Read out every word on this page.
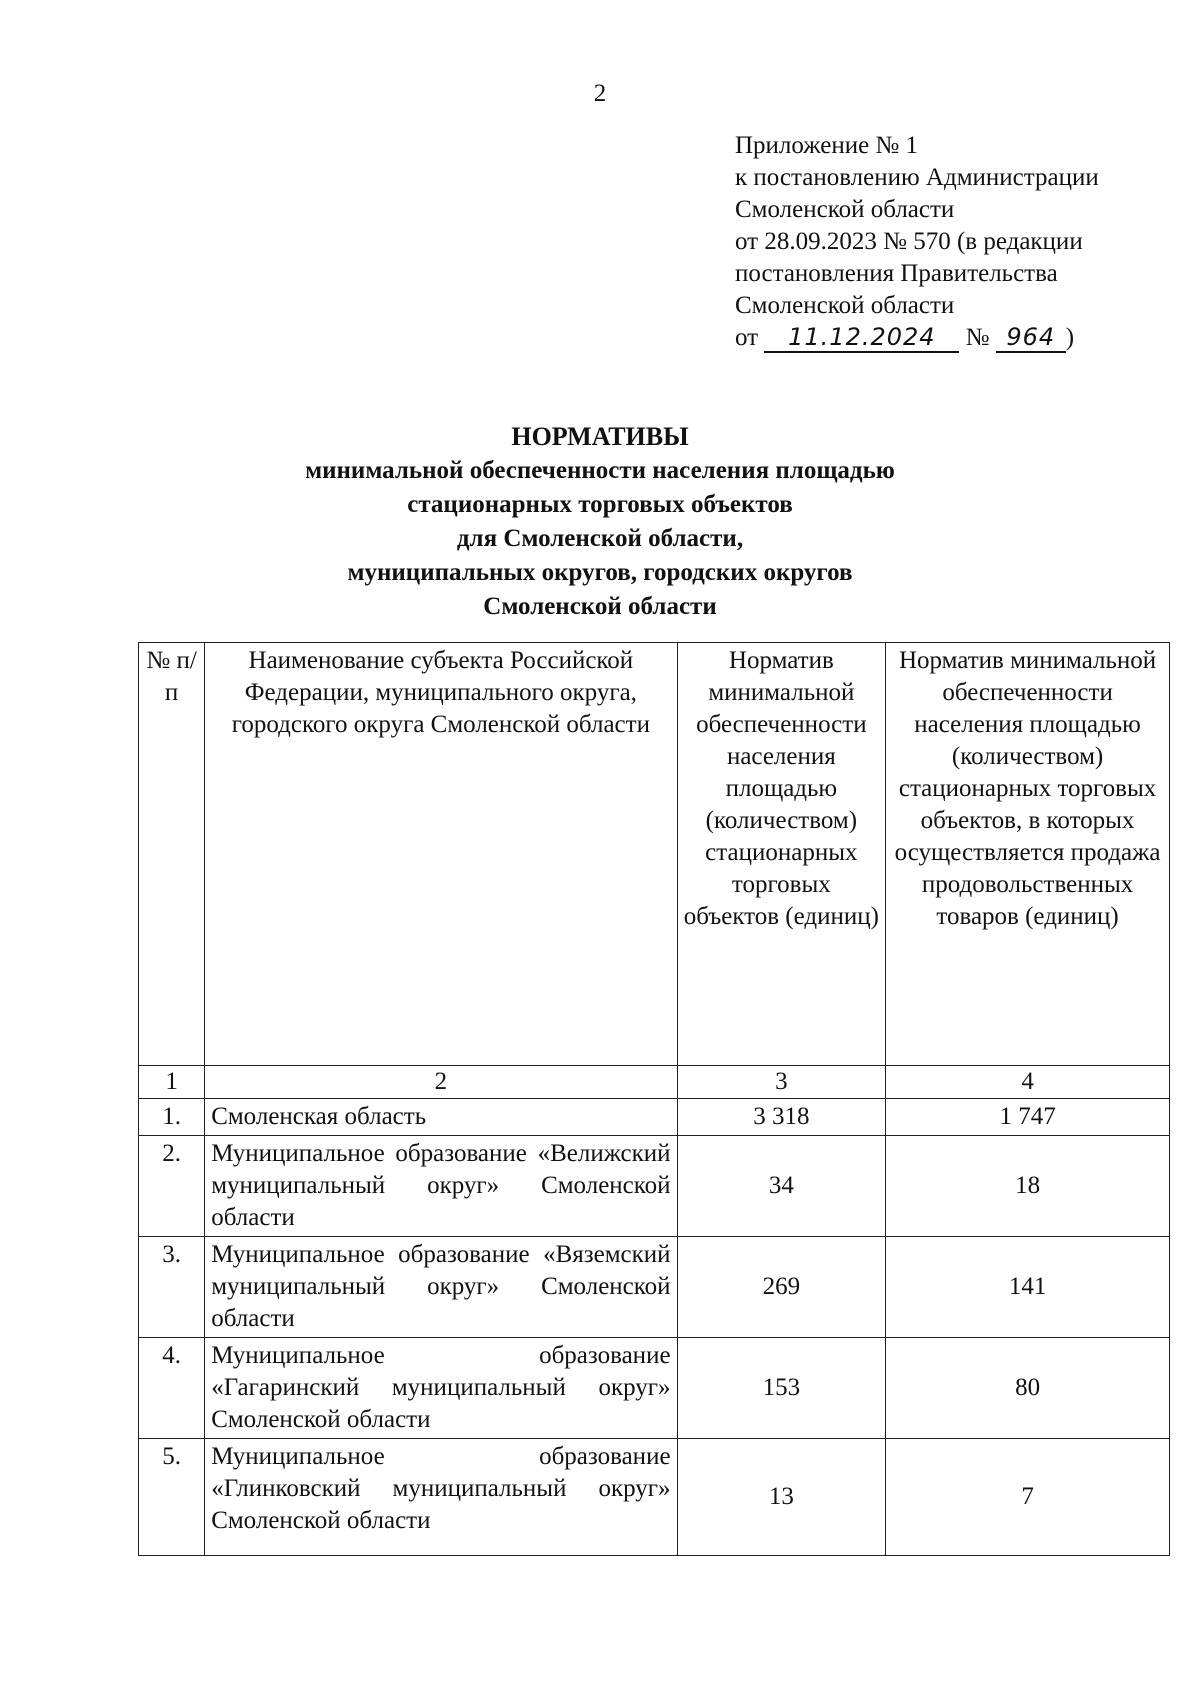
2
Приложение № 1
к постановлению Администрации
Смоленской области
от 28.09.2023 № 570 (в редакции
постановления Правительства
Смоленской области
от 11.12.2024 № 964 )
НОРМАТИВЫ
минимальной обеспеченности населения площадью
стационарных торговых объектов
для Смоленской области,
муниципальных округов, городских округов
Смоленской области
№ п/п	Наименование субъекта Российской Федерации, муниципального округа, городского округа Смоленской области	Норматив минимальной обеспеченности населения площадью (количеством) стационарных торговых объектов (единиц)	Норматив минимальной обеспеченности населения площадью (количеством) стационарных торговых объектов, в которых осуществляется продажа продовольственных товаров (единиц)
1	2	3	4
1.	Смоленская область	3 318	1 747
2.	Муниципальное образование «Велижский муниципальный округ» Смоленской области	34	18
3.	Муниципальное образование «Вяземский муниципальный округ» Смоленской области	269	141
4.	Муниципальное образование «Гагаринский муниципальный округ» Смоленской области	153	80
5.	Муниципальное образование «Глинковский муниципальный округ» Смоленской области	13	7
